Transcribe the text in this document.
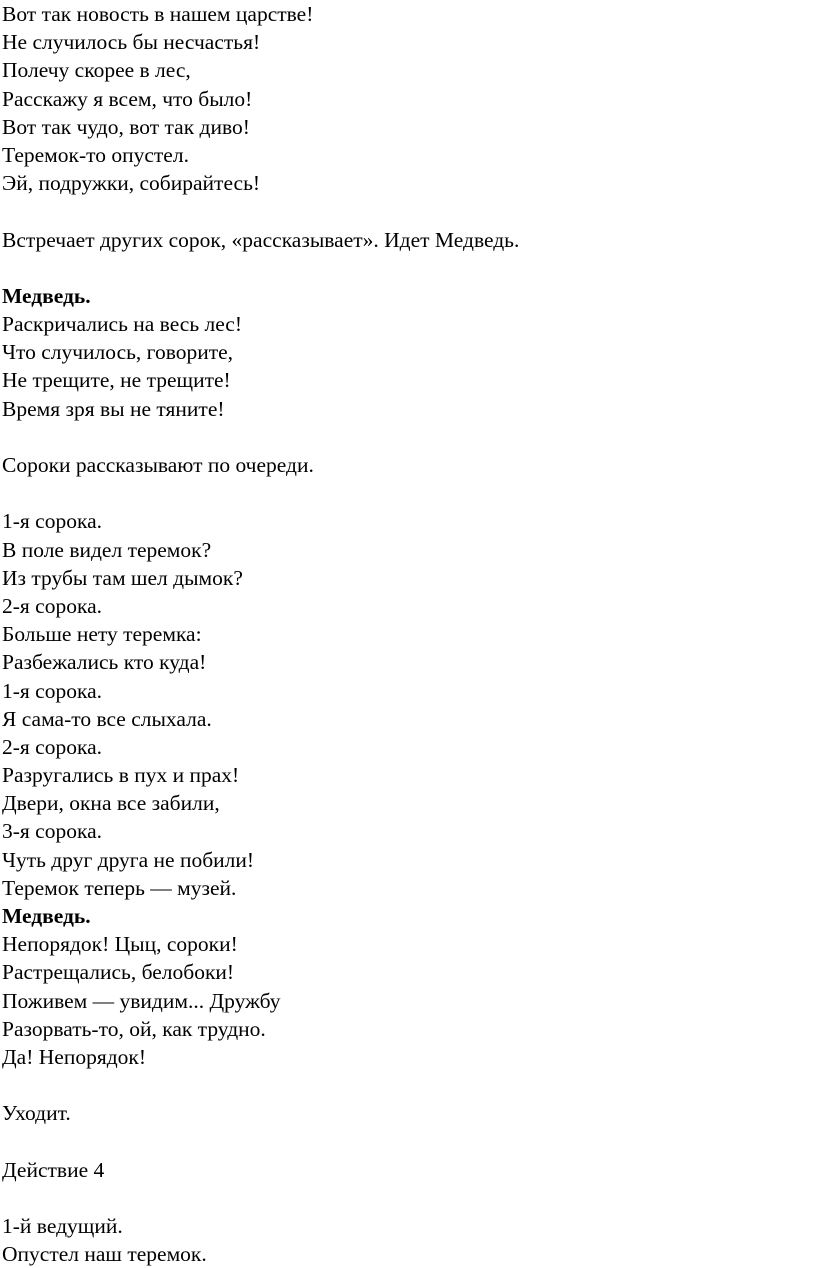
Вот так новость в нашем царстве!
Не случилось бы несчастья!
Полечу скорее в лес,
Расскажу я всем, что было!
Вот так чудо, вот так диво!
Теремок-то опустел.
Эй, подружки, собирайтесь!
Встречает других сорок, «рассказывает». Идет Медведь.
Медведь.
Раскричались на весь лес!
Что случилось, говорите,
Не трещите, не трещите!
Время зря вы не тяните!
Сороки рассказывают по очереди.
1-я сорока.
В поле видел теремок?
Из трубы там шел дымок?
2-я сорока.
Больше нету теремка:
Разбежались кто куда!
1-я сорока.
Я сама-то все слыхала.
2-я сорока.
Разругались в пух и прах!
Двери, окна все забили,
3-я сорока.
Чуть друг друга не побили!
Теремок теперь — музей.
Медведь.
Непорядок! Цыц, сороки!
Растрещались, белобоки!
Поживем — увидим... Дружбу
Разорвать-то, ой, как трудно.
Да! Непорядок!
Уходит.
Действие 4
1-й ведущий.
Опустел наш теремок.
